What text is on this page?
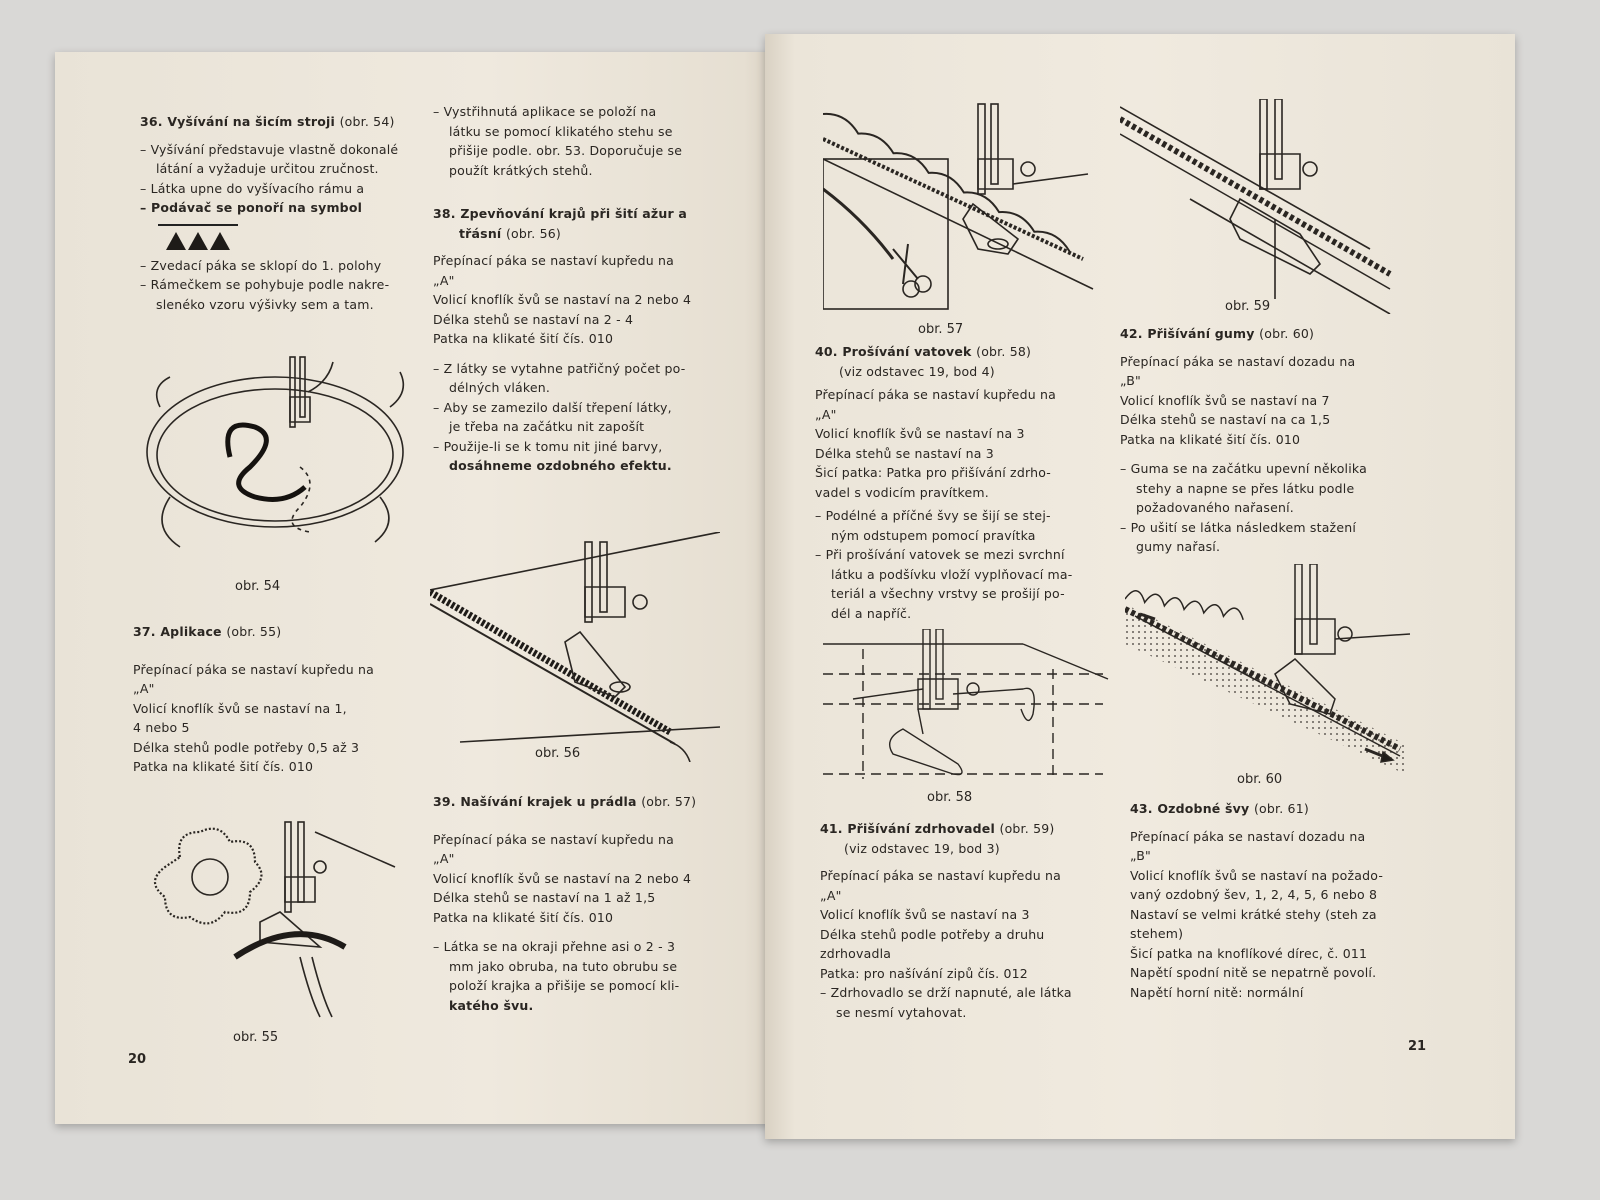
36. Vyšívání na šicím stroji (obr. 54)

– Vyšívání představuje vlastně dokonalé

látání a vyžaduje určitou zručnost.

– Látka upne do vyšívacího rámu a

– Podávač se ponoří na symbol

– Zvedací páka se sklopí do 1. polohy

– Rámečkem se pohybuje podle nakre-

slenéko vzoru výšivky sem a tam.

obr. 54

37. Aplikace (obr. 55)

Přepínací páka se nastaví kupředu na

„A"

Volicí knoflík švů se nastaví na 1,

4 nebo 5

Délka stehů podle potřeby 0,5 až 3

Patka na klikaté šití čís. 010

obr. 55
20

– Vystřihnutá aplikace se položí na

látku se pomocí klikatého stehu se

přišije podle. obr. 53. Doporučuje se

použít krátkých stehů.

38. Zpevňování krajů při šití ažur a

třásní (obr. 56)

Přepínací páka se nastaví kupředu na

„A"

Volicí knoflík švů se nastaví na 2 nebo 4

Délka stehů se nastaví na 2 - 4

Patka na klikaté šití čís. 010

– Z látky se vytahne patřičný počet po-

délných vláken.

– Aby se zamezilo další třepení látky,

je třeba na začátku nit zapošít

– Použije-li se k tomu nit jiné barvy,

dosáhneme ozdobného efektu.

obr. 56

39. Našívání krajek u prádla (obr. 57)

Přepínací páka se nastaví kupředu na

„A"

Volicí knoflík švů se nastaví na 2 nebo 4

Délka stehů se nastaví na 1 až 1,5

Patka na klikaté šití čís. 010

– Látka se na okraji přehne asi o 2 - 3

mm jako obruba, na tuto obrubu se

položí krajka a přišije se pomocí kli-

katého švu.

obr. 57

40. Prošívání vatovek (obr. 58)

(viz odstavec 19, bod 4)

Přepínací páka se nastaví kupředu na

„A"

Volicí knoflík švů se nastaví na 3

Délka stehů se nastaví na 3

Šicí patka: Patka pro přišívání zdrho-

vadel s vodicím pravítkem.

– Podélné a příčné švy se šijí se stej-

ným odstupem pomocí pravítka

– Při prošívání vatovek se mezi svrchní

látku a podšívku vloží vyplňovací ma-

teriál a všechny vrstvy se prošijí po-

dél a napříč.

obr. 58

41. Přišívání zdrhovadel (obr. 59)

(viz odstavec 19, bod 3)

Přepínací páka se nastaví kupředu na

„A"

Volicí knoflík švů se nastaví na 3

Délka stehů podle potřeby a druhu

zdrhovadla

Patka: pro našívání zipů čís. 012

– Zdrhovadlo se drží napnuté, ale látka

se nesmí vytahovat.

obr. 59

42. Přišívání gumy (obr. 60)

Přepínací páka se nastaví dozadu na

„B"

Volicí knoflík švů se nastaví na 7

Délka stehů se nastaví na ca 1,5

Patka na klikaté šití čís. 010

– Guma se na začátku upevní několika

stehy a napne se přes látku podle

požadovaného nařasení.

– Po ušití se látka následkem stažení

gumy nařasí.

obr. 60

43. Ozdobné švy (obr. 61)

Přepínací páka se nastaví dozadu na

„B"

Volicí knoflík švů se nastaví na požado-

vaný ozdobný šev, 1, 2, 4, 5, 6 nebo 8

Nastaví se velmi krátké stehy (steh za

stehem)

Šicí patka na knoflíkové dírec, č. 011

Napětí spodní nitě se nepatrně povolí.

Napětí horní nitě: normální

21
